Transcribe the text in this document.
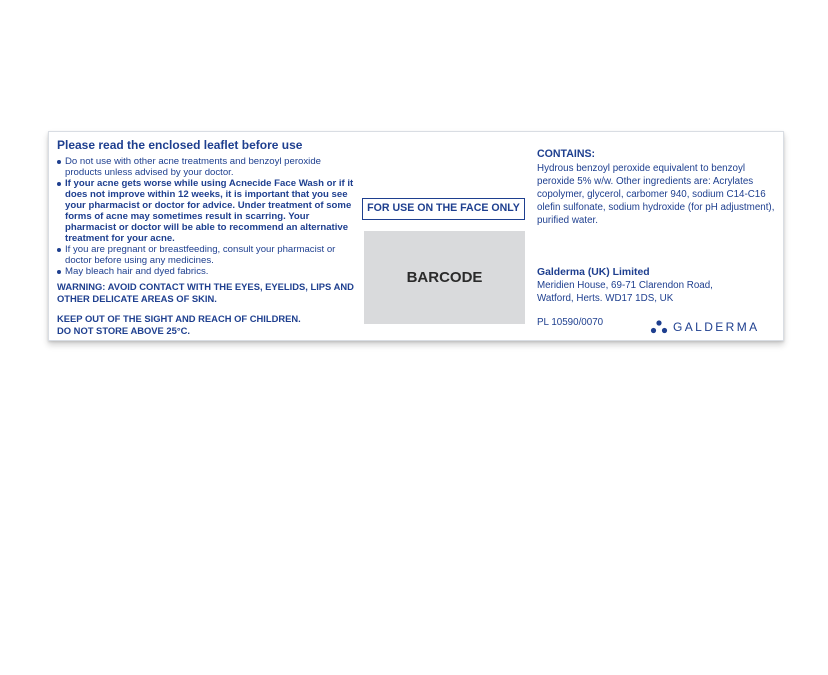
Please read the enclosed leaflet before use
Do not use with other acne treatments and benzoyl peroxide products unless advised by your doctor.
If your acne gets worse while using Acnecide Face Wash or if it does not improve within 12 weeks, it is important that you see your pharmacist or doctor for advice. Under treatment of some forms of acne may sometimes result in scarring. Your pharmacist or doctor will be able to recommend an alternative treatment for your acne.
If you are pregnant or breastfeeding, consult your pharmacist or doctor before using any medicines.
May bleach hair and dyed fabrics.
WARNING: AVOID CONTACT WITH THE EYES, EYELIDS, LIPS AND OTHER DELICATE AREAS OF SKIN.
KEEP OUT OF THE SIGHT AND REACH OF CHILDREN.
DO NOT STORE ABOVE 25°C.
FOR USE ON THE FACE ONLY
BARCODE
CONTAINS:
Hydrous benzoyl peroxide equivalent to benzoyl peroxide 5% w/w. Other ingredients are: Acrylates copolymer, glycerol, carbomer 940, sodium C14-C16 olefin sulfonate, sodium hydroxide (for pH adjustment), purified water.
Galderma (UK) Limited
Meridien House, 69-71 Clarendon Road,
Watford, Herts. WD17 1DS, UK
PL 10590/0070	GALDERMA
